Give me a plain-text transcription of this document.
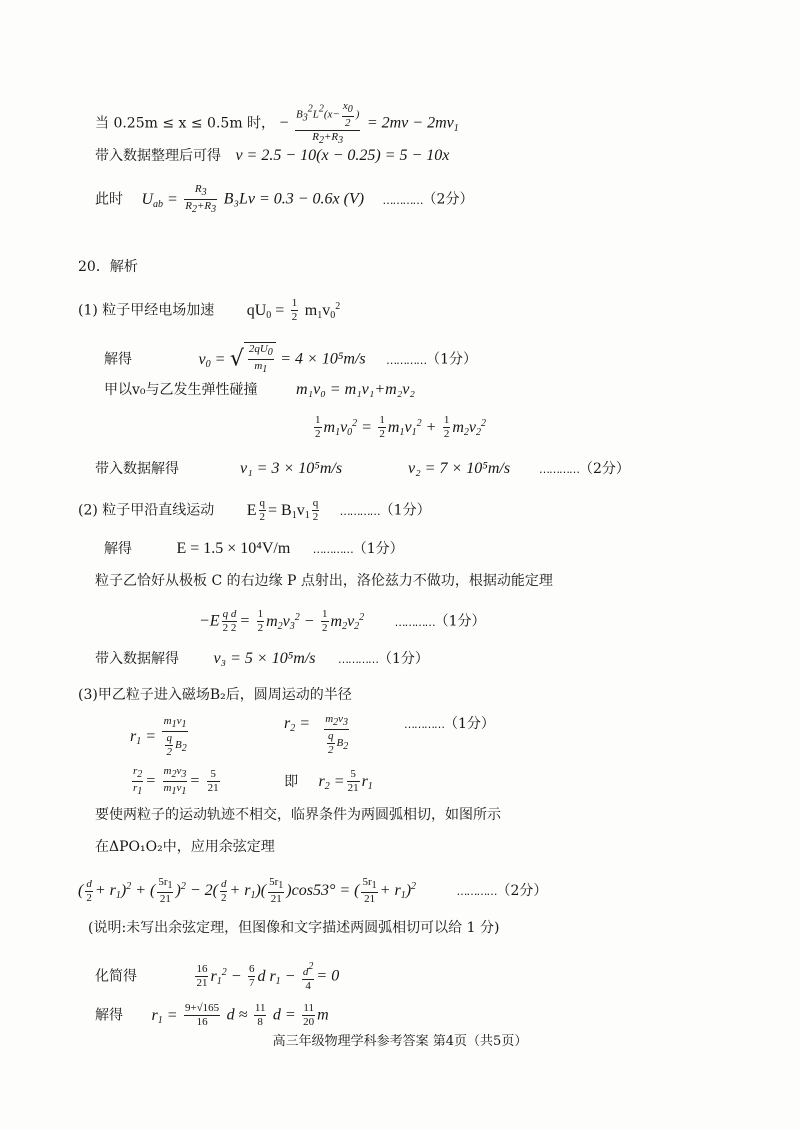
当 0.25m ≤ x ≤ 0.5m 时， − $\frac{B_3^2L^2(x- \frac{x_0}{2} )}{R_2+R_3} = 2mv - 2mv_1$
带入数据整理后可得 v = 2.5 − 10(x − 0.25) = 5 − 10x
此时 $U_{ab} = \frac{R_3}{R_2+R_3} B_3Lv = 0.3 - 0.6x$ (V) …………（2分）
20．解析
(1) 粒子甲经电场加速 $qU_0 = \frac{1}{2} m_1v_0^2$
解得	$v_0$ = √ $\frac{2qU_0}{m_1} = 4 \times 10^5m/s$ …………（1分）
甲以v₀与乙发生弹性碰撞 m₁v₀ = m₁v₁+m₂v₂
$\frac{1}{2} m_1v_0^2 = \frac{1}{2} m_1v_1^2 + \frac{1}{2} m_2v_2^2$
带入数据解得	v₁ = 3 × 10⁵m/s	v₂ = 7 × 10⁵m/s	…………（2分）
(2) 粒子甲沿直线运动 E $\frac{q}{2} = B_1v_1 \frac{q}{2}$ …………（1分）
解得	E = 1.5 × 10⁴V/m …………（1分）
粒子乙恰好从极板 C 的右边缘 P 点射出，洛伦兹力不做功，根据动能定理
$-E \frac{\text{q d}}{2 2} = \frac{1}{2} m_2v_3^2 - \frac{1}{2} m_2v_2^2$	…………（1分）
带入数据解得 v₃ = 5 × 10⁵m/s …………（1分）
(3)甲乙粒子进入磁场B₂后，圆周运动的半径
$r_1 = \frac{m_1v_1}{\frac{q}{2} B_2}$	$r_2 = \frac{m_2v_3}{\frac{q}{2} B_2}$	…………（1分）
$\frac{r_2}{r_1} = \frac{m_2v_3}{m_1v_1} = \frac{5}{21}$	即 $r_2 = \frac{5}{21} r_1$
要使两粒子的运动轨迹不相交，临界条件为两圆弧相切，如图所示
在ΔPO₁O₂中，应用余弦定理
( $\frac{d}{2} + r_1)^2$ + ( $\frac{5r_1}{21} )^2 - 2( \frac{d}{2} + r_1)( \frac{5r_1}{21} )\cos 53^\circ$ = ( $\frac{5r_1}{21} + r_1)^2$	…………（2分）
(说明:未写出余弦定理，但图像和文字描述两圆弧相切可以给 1 分)
化简得	$\frac{16}{21} r_1^2 - \frac{6}{7}$ d $r_1 - \frac{d^2}{4} = 0$
解得 $r_1 = \frac{9+√165}{16}$ $d \approx \frac{11}{8}$ $d = \frac{11}{20}$ m
高三年级物理学科参考答案 第4页（共5页）
